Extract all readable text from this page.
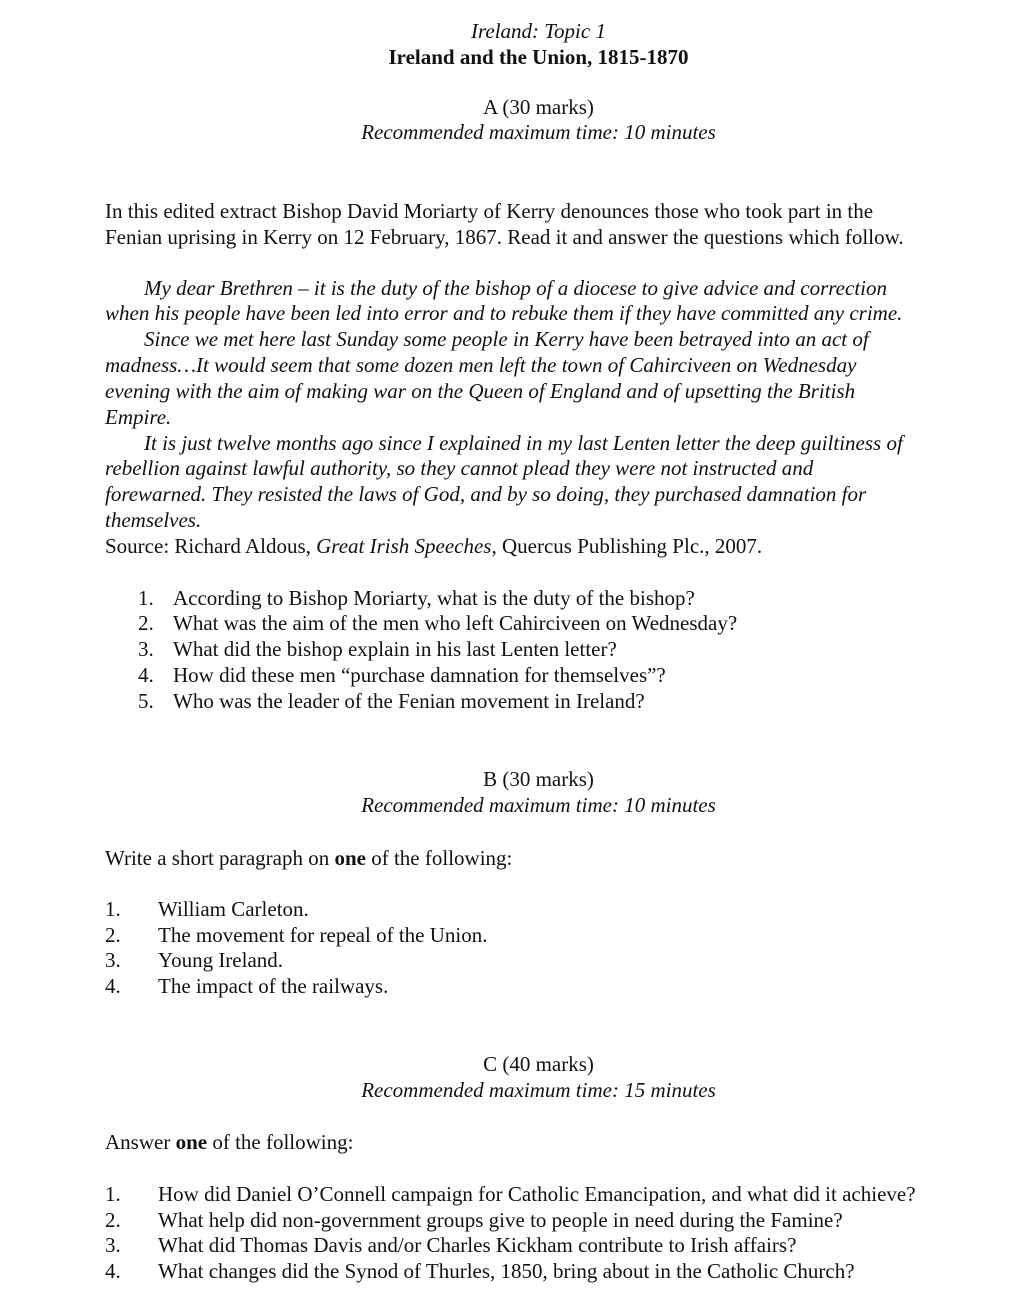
Ireland: Topic 1
Ireland and the Union, 1815-1870
A (30 marks)
Recommended maximum time: 10 minutes
In this edited extract Bishop David Moriarty of Kerry denounces those who took part in the
Fenian uprising in Kerry on 12 February, 1867. Read it and answer the questions which follow.
My dear Brethren – it is the duty of the bishop of a diocese to give advice and correction
when his people have been led into error and to rebuke them if they have committed any crime.
Since we met here last Sunday some people in Kerry have been betrayed into an act of
madness…It would seem that some dozen men left the town of Cahirciveen on Wednesday
evening with the aim of making war on the Queen of England and of upsetting the British
Empire.
It is just twelve months ago since I explained in my last Lenten letter the deep guiltiness of
rebellion against lawful authority, so they cannot plead they were not instructed and
forewarned. They resisted the laws of God, and by so doing, they purchased damnation for
themselves.
Source: Richard Aldous, Great Irish Speeches, Quercus Publishing Plc., 2007.
1. According to Bishop Moriarty, what is the duty of the bishop?
2. What was the aim of the men who left Cahirciveen on Wednesday?
3. What did the bishop explain in his last Lenten letter?
4. How did these men “purchase damnation for themselves”?
5. Who was the leader of the Fenian movement in Ireland?
B (30 marks)
Recommended maximum time: 10 minutes
Write a short paragraph on one of the following:
1. William Carleton.
2. The movement for repeal of the Union.
3. Young Ireland.
4. The impact of the railways.
C (40 marks)
Recommended maximum time: 15 minutes
Answer one of the following:
1. How did Daniel O’Connell campaign for Catholic Emancipation, and what did it achieve?
2. What help did non-government groups give to people in need during the Famine?
3. What did Thomas Davis and/or Charles Kickham contribute to Irish affairs?
4. What changes did the Synod of Thurles, 1850, bring about in the Catholic Church?
